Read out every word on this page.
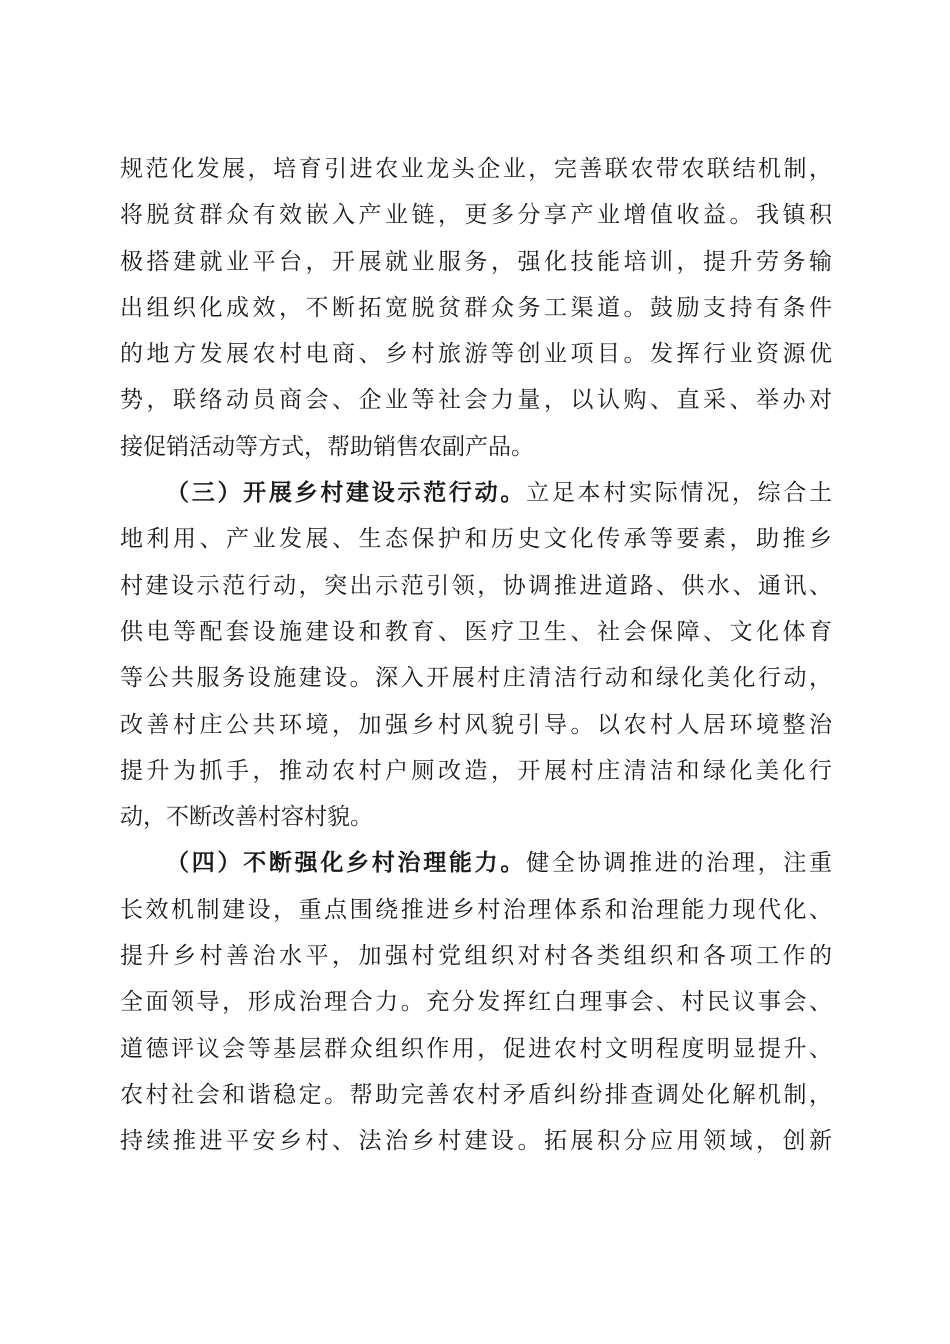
规范化发展，培育引进农业龙头企业，完善联农带农联结机制，
将脱贫群众有效嵌入产业链，更多分享产业增值收益。我镇积
极搭建就业平台，开展就业服务，强化技能培训，提升劳务输
出组织化成效，不断拓宽脱贫群众务工渠道。鼓励支持有条件
的地方发展农村电商、乡村旅游等创业项目。发挥行业资源优
势，联络动员商会、企业等社会力量，以认购、直采、举办对
接促销活动等方式，帮助销售农副产品。
（三）开展乡村建设示范行动。立足本村实际情况，综合土
地利用、产业发展、生态保护和历史文化传承等要素，助推乡
村建设示范行动，突出示范引领，协调推进道路、供水、通讯、
供电等配套设施建设和教育、医疗卫生、社会保障、文化体育
等公共服务设施建设。深入开展村庄清洁行动和绿化美化行动，
改善村庄公共环境，加强乡村风貌引导。以农村人居环境整治
提升为抓手，推动农村户厕改造，开展村庄清洁和绿化美化行
动，不断改善村容村貌。
（四）不断强化乡村治理能力。健全协调推进的治理，注重
长效机制建设，重点围绕推进乡村治理体系和治理能力现代化、
提升乡村善治水平，加强村党组织对村各类组织和各项工作的
全面领导，形成治理合力。充分发挥红白理事会、村民议事会、
道德评议会等基层群众组织作用，促进农村文明程度明显提升、
农村社会和谐稳定。帮助完善农村矛盾纠纷排查调处化解机制，
持续推进平安乡村、法治乡村建设。拓展积分应用领域，创新
